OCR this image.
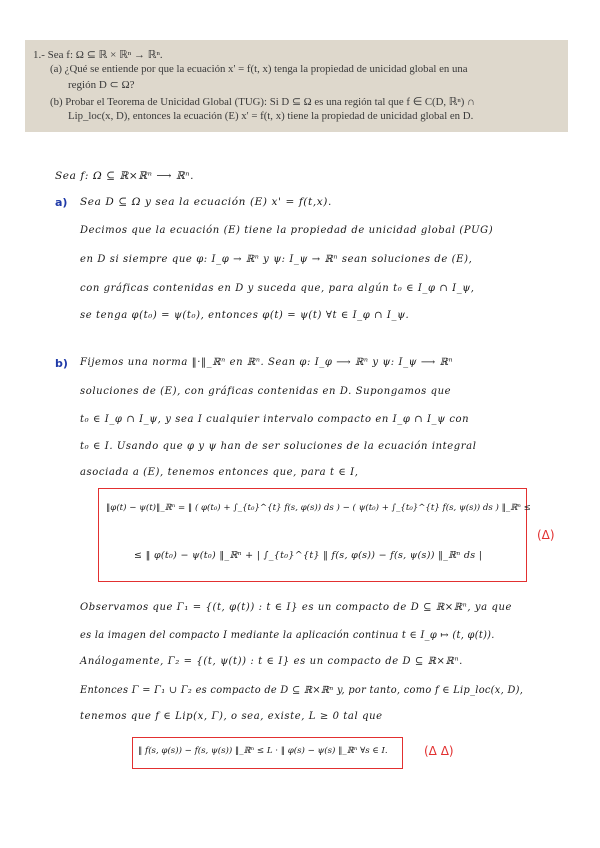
1.- Sea f: Ω ⊆ ℝ × ℝⁿ → ℝⁿ.
(a) ¿Qué se entiende por que la ecuación x' = f(t, x) tenga la propiedad de unicidad global en una
región D ⊂ Ω?
(b) Probar el Teorema de Unicidad Global (TUG): Si D ⊆ Ω es una región tal que f ∈ C(D, ℝⁿ) ∩
Lip_loc(x, D), entonces la ecuación (E) x' = f(t, x) tiene la propiedad de unicidad global en D.
Sea f: Ω ⊆ ℝ×ℝⁿ ⟶ ℝⁿ.
a) Sea D ⊆ Ω y sea la ecuación (E) x' = f(t,x).
Decimos que la ecuación (E) tiene la propiedad de unicidad global (PUG)
en D si siempre que φ: I_φ → ℝⁿ y ψ: I_ψ → ℝⁿ sean soluciones de (E),
con gráficas contenidas en D y suceda que, para algún t₀ ∈ I_φ ∩ I_ψ,
se tenga φ(t₀) = ψ(t₀), entonces φ(t) = ψ(t) ∀t ∈ I_φ ∩ I_ψ.
b) Fijemos una norma ‖·‖_ℝⁿ en ℝⁿ. Sean φ: I_φ ⟶ ℝⁿ y ψ: I_ψ ⟶ ℝⁿ
soluciones de (E), con gráficas contenidas en D. Supongamos que
t₀ ∈ I_φ ∩ I_ψ, y sea I cualquier intervalo compacto en I_φ ∩ I_ψ con
t₀ ∈ I. Usando que φ y ψ han de ser soluciones de la ecuación integral
asociada a (E), tenemos entonces que, para t ∈ I,
‖φ(t) − ψ(t)‖_ℝⁿ = ‖ ( φ(t₀) + ∫_{t₀}^{t} f(s, φ(s)) ds ) − ( ψ(t₀) + ∫_{t₀}^{t} f(s, ψ(s)) ds ) ‖_ℝⁿ ≤
≤ ‖ φ(t₀) − ψ(t₀) ‖_ℝⁿ + | ∫_{t₀}^{t} ‖ f(s, φ(s)) − f(s, ψ(s)) ‖_ℝⁿ ds |
(Δ)
Observamos que Γ₁ = {(t, φ(t)) : t ∈ I} es un compacto de D ⊆ ℝ×ℝⁿ, ya que
es la imagen del compacto I mediante la aplicación continua t ∈ I_φ ↦ (t, φ(t)).
Análogamente, Γ₂ = {(t, ψ(t)) : t ∈ I} es un compacto de D ⊆ ℝ×ℝⁿ.
Entonces Γ = Γ₁ ∪ Γ₂ es compacto de D ⊆ ℝ×ℝⁿ y, por tanto, como f ∈ Lip_loc(x, D),
tenemos que f ∈ Lip(x, Γ), o sea, existe, L ≥ 0 tal que
‖ f(s, φ(s)) − f(s, ψ(s)) ‖_ℝⁿ ≤ L · ‖ φ(s) − ψ(s) ‖_ℝⁿ ∀s ∈ I.	(Δ Δ)
